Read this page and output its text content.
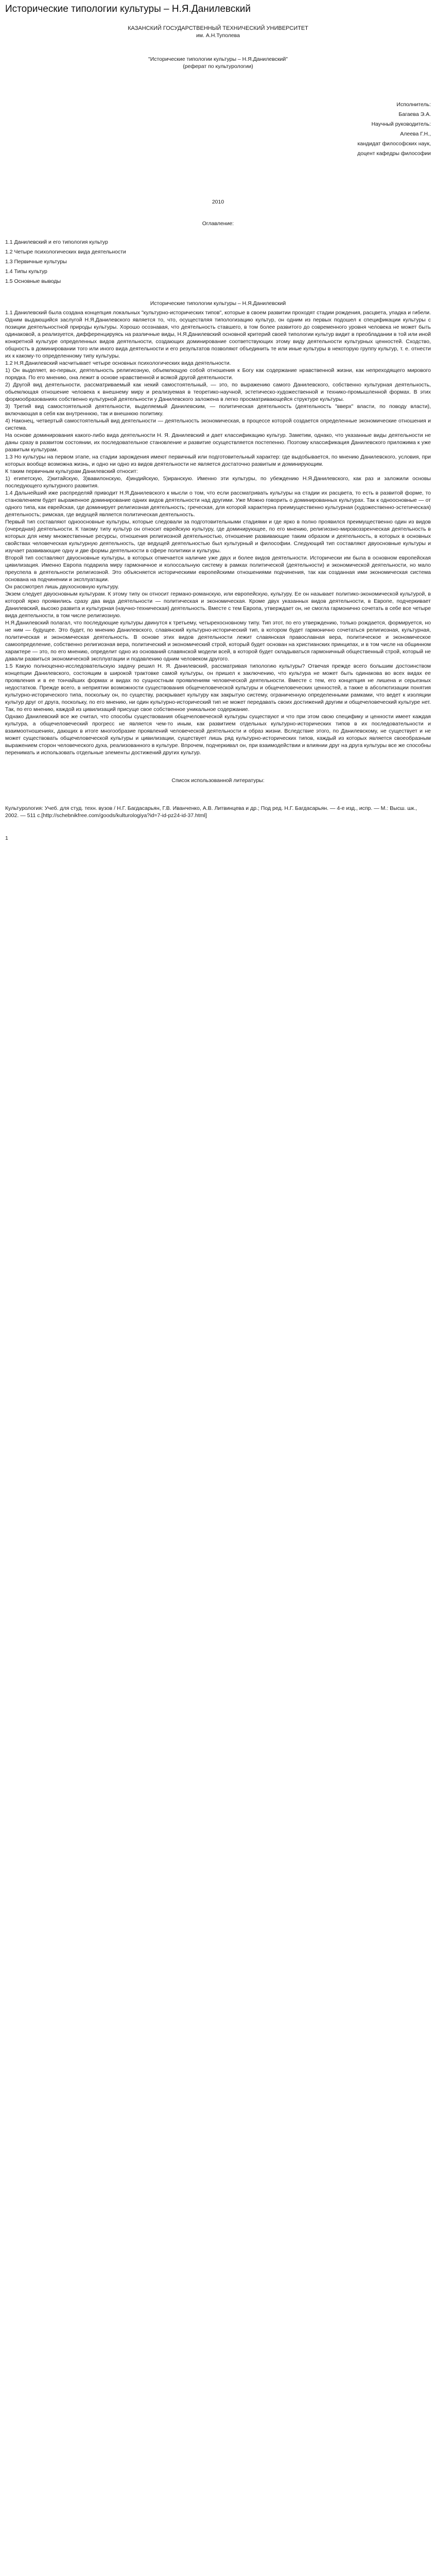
Исторические типологии культуры – Н.Я.Данилевский

КАЗАНСКИЙ ГОСУДАРСТВЕННЫЙ ТЕХНИЧЕСКИЙ УНИВЕРСИТЕТ

им. А.Н.Туполева

"Исторические типологии культуры – Н.Я.Данилевский"

(реферат по культурологии)

Исполнитель:

Багаева Э.А.

Научный руководитель:

Алеева Г.Н.,

кандидат философских наук,

доцент кафедры философии

2010

Оглавление:

1.1 Данилевский и его типология культур

1.2 Четыре психологических вида деятельности

1.3 Первичные культуры

1.4 Типы культур

1.5 Основные выводы

Исторические типологии культуры – Н.Я.Данилевский

1.1 Данилевский была создана концепция локальных "культурно-исторических типов", которые в своем развитии проходят стадии рождения, расцвета, упадка и гибели. Одним выдающийся заслугой Н.Я.Данилевского является то, что, осуществляя типологизацию культур, он одним из первых подошел к спецификации культуры с позиции деятельностной природы культуры. Хорошо осознавая, что деятельность ставшего, в том более развитого до современного уровня человека не может быть одинаковой, а реализуется, дифференцируясь на различные виды, Н.Я.Данилевский основной критерий своей типологии культур видит в преобладании в той или иной конкретной культуре определенных видов деятельности, создающих доминирование соответствующих этому виду деятельности культурных ценностей. Сходство, общность в доминировании того или иного вида деятельности и его результатов позволяют объединить те или иные культуры в некоторую группу культур, т. е. отнести их к какому-то определенному типу культуры.

1.2 Н.Я.Данилевский насчитывает четыре основных психологических вида деятельности.

1) Он выделяет, во-первых, деятельность религиозную, объемлющую собой отношения к Богу как содержание нравственной жизни, как непреходящего мирового порядка. По его мнению, она лежит в основе нравственной и всякой другой деятельности.

2) Другой вид деятельности, рассматриваемый как некий самостоятельный, — это, по выражению самого Данилевского, собственно культурная деятельность, обьемлющая отношение человека к внешнему миру и реализуемая в теоретико-научной, эстетическо-художественной и технико-промышленной формах. В этих формообразованиях собственно культурной деятельности у Данилевского заложена в легко просматривающейся структуре культуры.

3) Третий вид самостоятельной деятельности, выделяемый Данилевским, — политическая деятельность (деятельность "вверх" власти, по поводу власти), включающая в себя как внутреннюю, так и внешнюю политику.

4) Наконец, четвертый самостоятельный вид деятельности — деятельность экономическая, в процессе которой создается определенные экономические отношения и система.

На основе доминирования какого-либо вида деятельности Н. Я. Данилевский и дает классификацию культур. Заметим, однако, что указанные виды деятельности не даны сразу в развитом состоянии, их последовательное становление и развитие осуществляется постепенно. Поэтому классификация Данилевского приложима к уже развитым культурам.

1.3 Но культуры на первом этапе, на стадии зарождения имеют первичный или подготовительный характер: где выдобывается, по мнению Данилевского, условия, при которых вообще возможна жизнь, и одно ни одно из видов деятельности не является достаточно развитым и доминирующим.

К таким первичным культурам Данилевский относит:

1) египетскую, 2)китайскую, 3)вавилонскую, 4)индийскую, 5)иранскую. Именно эти культуры, по убеждению Н.Я.Данилевского, как раз и заложили основы последующего культурного развития.

1.4 Дальнейший иже распределяй приводит Н.Я.Данилевского к мысли о том, что если рассматривать культуры на стадии их расцвета, то есть в развитой форме, то становлением будет выраженное доминирование одних видов деятельности над другими. Уже Можно говорить о доминированных культурах. Так к одноосновные — от одного типа, как еврейская, где доминирует религиозная деятельность; греческая, для которой характерна преимущественно культурная (художественно-эстетическая) деятельность; римская, где ведущей является политическая деятельность.

Первый тип составляют одноосновные культуры, которые следовали за подготовительными стадиями и где ярко в полно проявился преимущественно один из видов (очередная) деятельности. К такому типу культур он относит еврейскую культуру, где доминирующее, по его мнению, религиозно-мировоззренческая деятельность в которых для нему множественные ресурсы, отношения религиозной деятельностью, отношение развивающие таким образом и деятельность, в которых в основных свойствах человеческая культурную деятельность, где ведущей деятельностью был культурный и философии. Следующий тип составляют двуосновные культуры и изучает развивающие одну и две формы деятельности в сфере политики и культуры.

Второй тип составляют двуосновные культуры, в которых отмечается наличие уже двух и более видов деятельности. Исторически им была в основном европейская цивилизация. Именно Европа подарила миру гармоничное и колоссальную систему в рамках политической (деятельности) и экономической деятельности, но мало преуспела в деятельности религиозной. Это объясняется историческими европейскими отношениями подчинения, так как созданная ими экономическая система основана на подчинении и эксплуатации.

Он рассмотрел лишь двухосновную культуру.

Экзем следует двуосновным культурам. К этому типу он относит германо-романскую, или европейскую, культуру. Ее он называет политико-экономической культурой, в которой ярко проявились сразу два вида деятельности — политическая и экономическая. Кроме двух указанных видов деятельности, в Европе, подчеркивает Данилевский, высоко развита и культурная (научно-техническая) деятельность. Вместе с тем Европа, утверждает он, не смогла гармонично сочетать в себе все четыре вида деятельности, в том числе религиозную.

Н.Я.Данилевский полагал, что последующие культуры двинутся к третьему, четырехосновному типу. Тип этот, по его утверждению, только рождается, формируется, но не ним — будущее. Это будет, по мнению Данилевского, славянский культурно-исторический тип, в котором будет гармонично сочетаться религиозная, культурная, политическая и экономическая деятельность. В основе этих видов деятельности лежит славянская православная вера, политическое и экономическое самоопределение, собственно религиозная вера, политический и экономический строй, который будет основан на христианских принципах, и в том числе на общинном характере — это, по его мнению, определит одно из оснований славянской модели всей, в которой будет складываться гармоничный общественный строй, который не давали развиться экономической эксплуатации и подавлению одним человеком другого.

1.5 Какую полноценно-исследовательскую задачу решил Н. Я. Данилевский, рассматривая типологию культуры? Отвечая прежде всего большим достоинством концепции Данилевского, состоящим в широкой трактовке самой культуры, он пришел к заключению, что культура не может быть одинакова во всех видах ее проявления и в ее тончайших формах и видах по сущностным проявлениям человеческой деятельности. Вместе с тем, его концепция не лишена и серьезных недостатков. Прежде всего, в неприятии возможности существования общечеловеческой культуры и общечеловеческих ценностей, а также в абсолютизации понятия культурно-исторического типа, поскольку он, по существу, раскрывает культуру как закрытую систему, ограниченную определенными рамками, что ведет к изоляции культур друг от друга, поскольку, по его мнению, ни один культурно-исторический тип не может передавать своих достижений другим и общечеловеческий культуре нет. Так, по его мнению, каждой из цивилизаций присуще свое собственное уникальное содержание.

Однако Данилевский все же считал, что способы существования общечеловеческой культуры существуют и что при этом свою специфику и ценности имеет каждая культура, а общечеловеческий прогресс не является чем-то иным, как развитием отдельных культурно-исторических типов в их последовательности и взаимоотношениях, дающих в итоге многообразие проявлений человеческой деятельности и образ жизни. Вследствие этого, по Данилевскому, не существует и не может существовать общечеловеческой культуры и цивилизации, существует лишь ряд культурно-исторических типов, каждый из которых является своеобразным выражением сторон человеческого духа, реализованного в культуре. Впрочем, подчеркивал он, при взаимодействии и влиянии друг на друга культуры все же способны перенимать и использовать отдельные элементы достижений других культур.

Список использованной литературы:

Культурология: Учеб. для студ. техн. вузов / Н.Г. Багдасарьян, Г.В. Иванченко, А.В. Литвинцева и др.; Под ред. Н.Г. Багдасарьян. — 4-е изд., испр. — М.: Высш. шк., 2002. — 511 с.[http://schebnikfree.com/goods/kulturologiya?id=7-id-pz24-id-37.html]

1
